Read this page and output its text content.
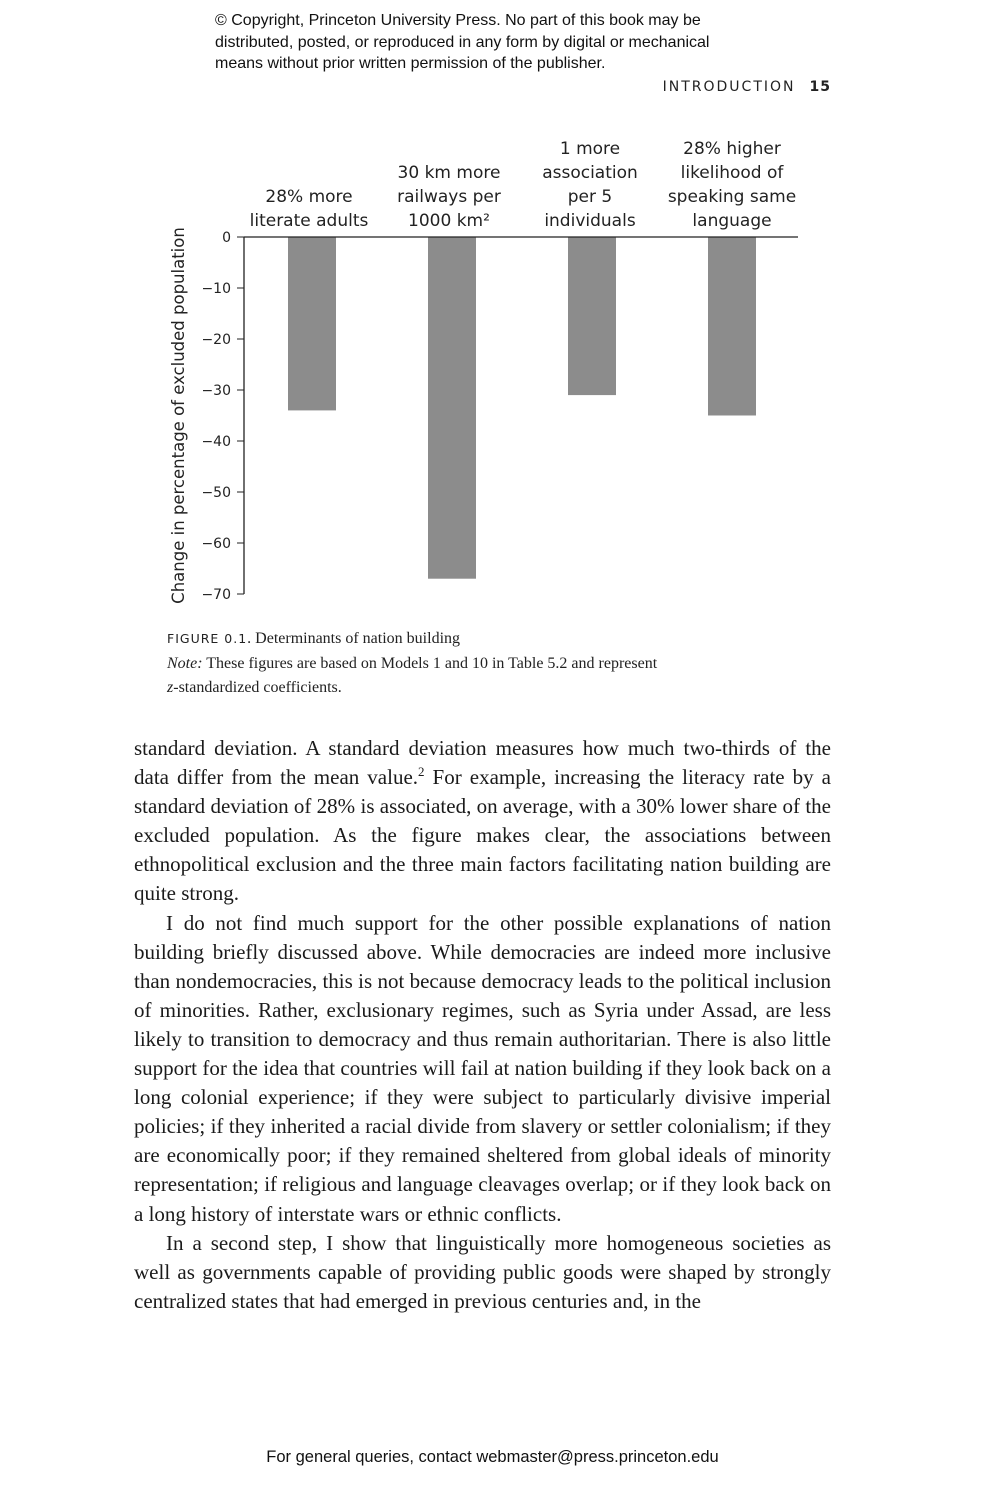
© Copyright, Princeton University Press. No part of this book may be
distributed, posted, or reproduced in any form by digital or mechanical
means without prior written permission of the publisher.
INTRODUCTION 15
Change in percentage of excluded population 0
−10
−20
−30
−40
−50
−60
−70
28% more
literate adults
30 km more
railways per
1000 km²
1 more
association
per 5
individuals
28% higher
likelihood of
speaking same
language
FIGURE 0.1. Determinants of nation building
Note: These figures are based on Models 1 and 10 in Table 5.2 and represent
z-standardized coefficients.

standard deviation. A standard deviation measures how much two-thirds of the data differ from the mean value.$^2$ For example, increasing the literacy rate by a standard deviation of 28% is associated, on average, with a 30% lower share of the excluded population. As the figure makes clear, the associations between ethnopolitical exclusion and the three main factors facilitating nation building are quite strong.

I do not find much support for the other possible explanations of nation building briefly discussed above. While democracies are indeed more inclusive than nondemocracies, this is not because democracy leads to the political inclusion of minorities. Rather, exclusionary regimes, such as Syria under Assad, are less likely to transition to democracy and thus remain authoritarian. There is also little support for the idea that countries will fail at nation building if they look back on a long colonial experience; if they were subject to particularly divisive imperial policies; if they inherited a racial divide from slavery or settler colonialism; if they are economically poor; if they remained sheltered from global ideals of minority representation; if religious and language cleavages overlap; or if they look back on a long history of interstate wars or ethnic conflicts.

In a second step, I show that linguistically more homogeneous societies as well as governments capable of providing public goods were shaped by strongly centralized states that had emerged in previous centuries and, in the

For general queries, contact webmaster@press.princeton.edu
